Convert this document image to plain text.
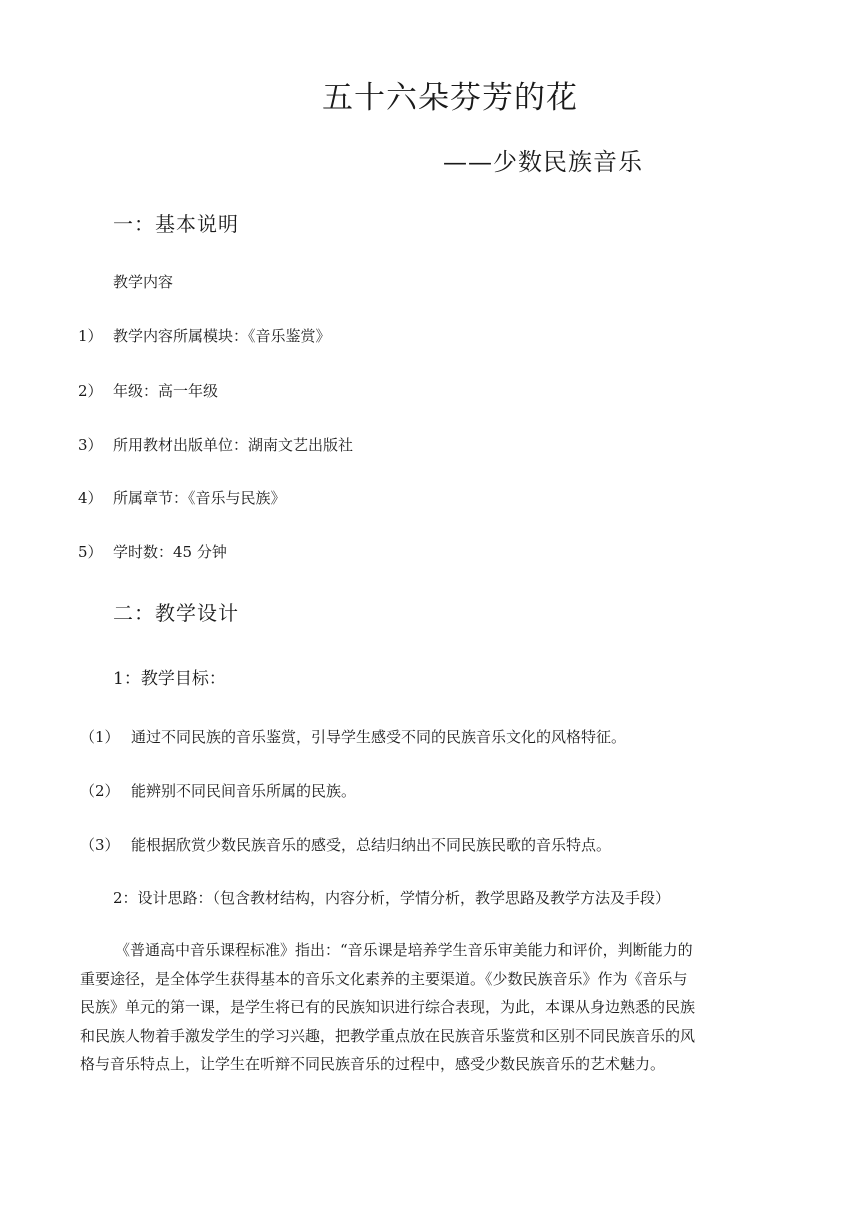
五十六朵芬芳的花
——少数民族音乐
一：基本说明
教学内容
1） 教学内容所属模块：《音乐鉴赏》
2） 年级：高一年级
3） 所用教材出版单位：湖南文艺出版社
4） 所属章节：《音乐与民族》
5） 学时数：45 分钟
二：教学设计
1：教学目标：
（1） 通过不同民族的音乐鉴赏，引导学生感受不同的民族音乐文化的风格特征。
（2） 能辨别不同民间音乐所属的民族。
（3） 能根据欣赏少数民族音乐的感受，总结归纳出不同民族民歌的音乐特点。
2：设计思路：（包含教材结构，内容分析，学情分析，教学思路及教学方法及手段）
《普通高中音乐课程标准》指出：“音乐课是培养学生音乐审美能力和评价，判断能力的
重要途径，是全体学生获得基本的音乐文化素养的主要渠道。《少数民族音乐》作为《音乐与
民族》单元的第一课，是学生将已有的民族知识进行综合表现，为此，本课从身边熟悉的民族
和民族人物着手激发学生的学习兴趣，把教学重点放在民族音乐鉴赏和区别不同民族音乐的风
格与音乐特点上，让学生在听辩不同民族音乐的过程中，感受少数民族音乐的艺术魅力。
